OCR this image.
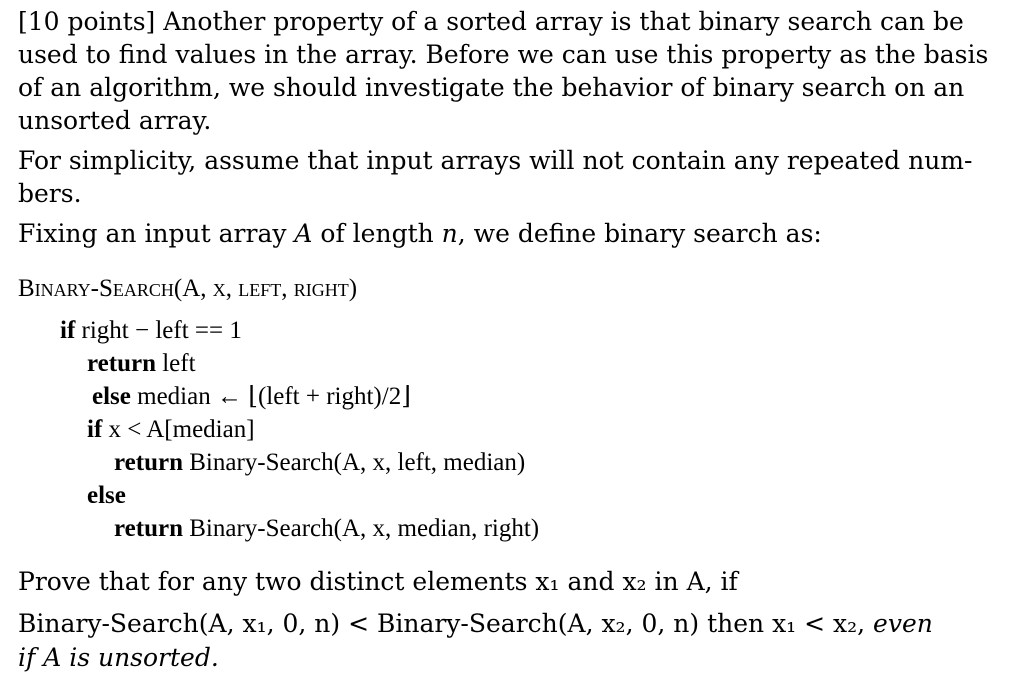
[10 points] Another property of a sorted array is that binary search can be
used to find values in the array. Before we can use this property as the basis
of an algorithm, we should investigate the behavior of binary search on an
unsorted array.
For simplicity, assume that input arrays will not contain any repeated num-
bers.
Fixing an input array A of length n, we define binary search as:
Binary-Search(A, x, left, right)
if right − left == 1
return left
else median ← ⌊(left + right)/2⌋
if x < A[median]
return Binary-Search(A, x, left, median)
else
return Binary-Search(A, x, median, right)
Prove that for any two distinct elements x₁ and x₂ in A, if
Binary-Search(A, x₁, 0, n) < Binary-Search(A, x₂, 0, n) then x₁ < x₂, even
if A is unsorted.
